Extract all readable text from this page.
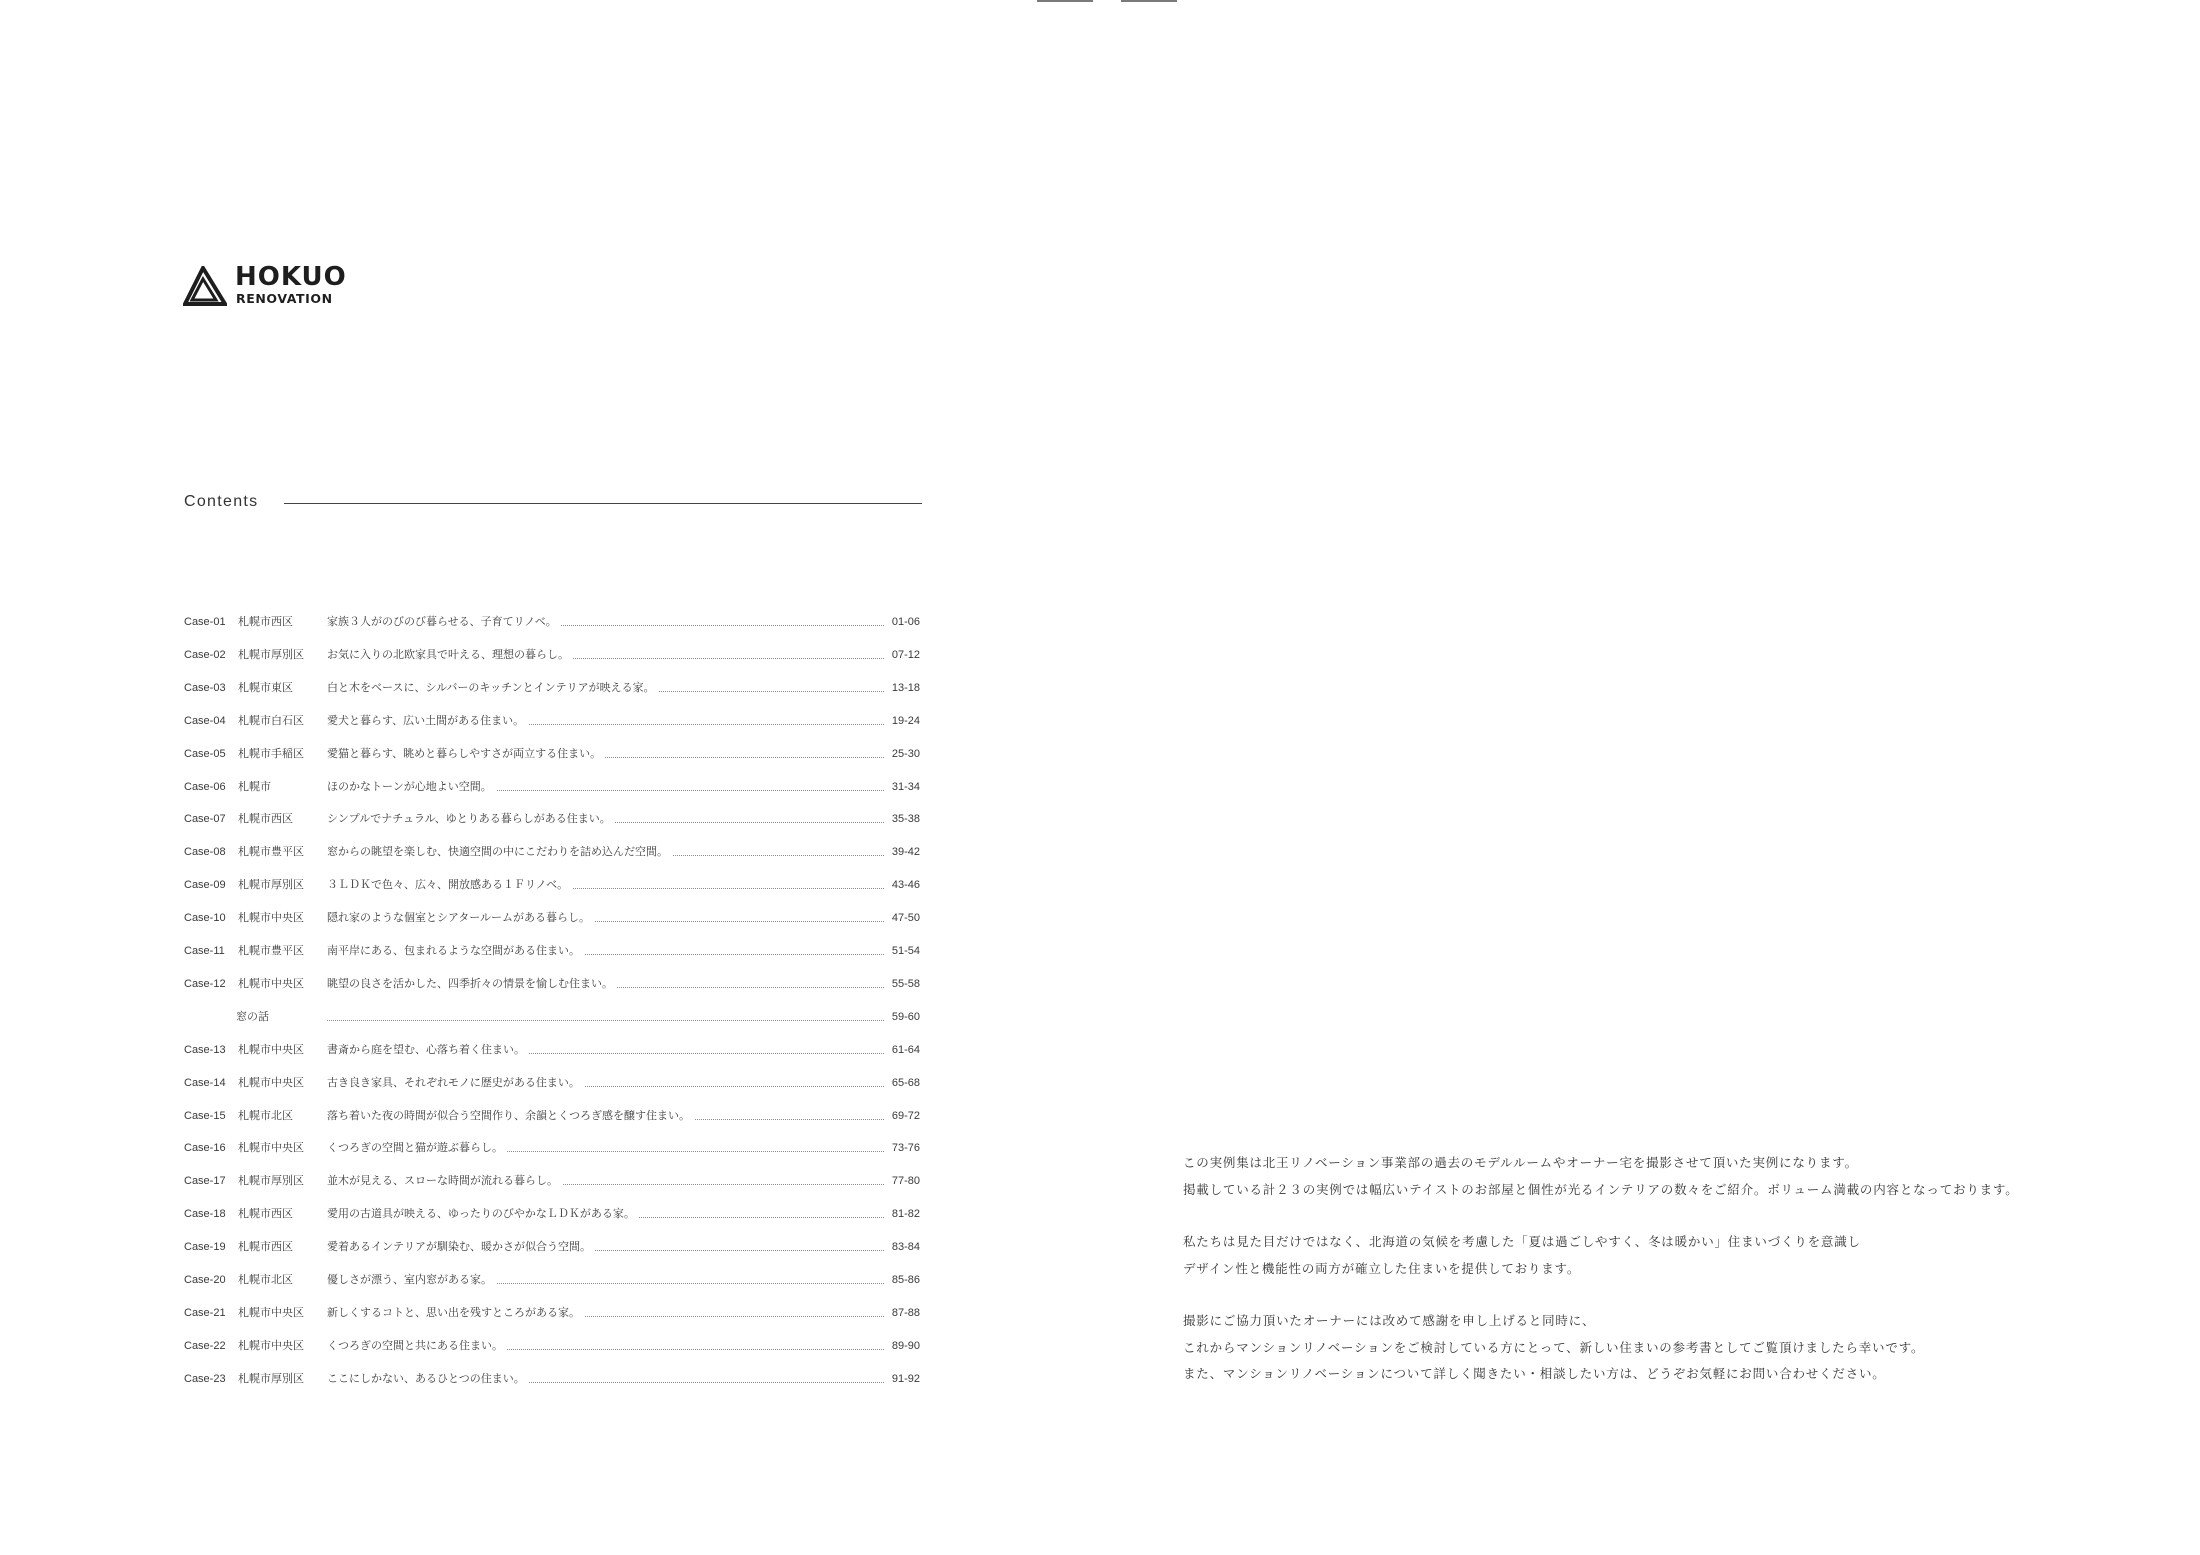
HOKUO
RENOVATION
Contents
Case-01 札幌市西区	家族３人がのびのび暮らせる、子育てリノベ。	01-06
Case-02 札幌市厚別区 お気に入りの北欧家具で叶える、理想の暮らし。	07-12
Case-03 札幌市東区	白と木をベースに、シルバーのキッチンとインテリアが映える家。	13-18
Case-04 札幌市白石区 愛犬と暮らす、広い土間がある住まい。	19-24
Case-05 札幌市手稲区 愛猫と暮らす、眺めと暮らしやすさが両立する住まい。	25-30
Case-06 札幌市	ほのかなトーンが心地よい空間。	31-34
Case-07 札幌市西区	シンプルでナチュラル、ゆとりある暮らしがある住まい。	35-38
Case-08 札幌市豊平区 窓からの眺望を楽しむ、快適空間の中にこだわりを詰め込んだ空間。	39-42
Case-09 札幌市厚別区 ３ＬＤＫで色々、広々、開放感ある１Ｆリノベ。	43-46
Case-10 札幌市中央区 隠れ家のような個室とシアタールームがある暮らし。	47-50
Case-11 札幌市豊平区 南平岸にある、包まれるような空間がある住まい。	51-54
Case-12 札幌市中央区 眺望の良さを活かした、四季折々の情景を愉しむ住まい。	55-58
窓の話	59-60
Case-13 札幌市中央区 書斎から庭を望む、心落ち着く住まい。	61-64
Case-14 札幌市中央区 古き良き家具、それぞれモノに歴史がある住まい。	65-68
Case-15 札幌市北区	落ち着いた夜の時間が似合う空間作り、余韻とくつろぎ感を醸す住まい。	69-72
Case-16 札幌市中央区 くつろぎの空間と猫が遊ぶ暮らし。	73-76
Case-17 札幌市厚別区 並木が見える、スローな時間が流れる暮らし。	77-80
Case-18 札幌市西区	愛用の古道具が映える、ゆったりのびやかなＬＤＫがある家。	81-82
Case-19 札幌市西区	愛着あるインテリアが馴染む、暖かさが似合う空間。	83-84
Case-20 札幌市北区	優しさが漂う、室内窓がある家。	85-86
Case-21 札幌市中央区 新しくするコトと、思い出を残すところがある家。	87-88
Case-22 札幌市中央区 くつろぎの空間と共にある住まい。	89-90
Case-23 札幌市厚別区 ここにしかない、あるひとつの住まい。	91-92

この実例集は北王リノベーション事業部の過去のモデルルームやオーナー宅を撮影させて頂いた実例になります。

掲載している計２３の実例では幅広いテイストのお部屋と個性が光るインテリアの数々をご紹介。ボリューム満載の内容となっております。

私たちは見た目だけではなく、北海道の気候を考慮した「夏は過ごしやすく、冬は暖かい」住まいづくりを意識し

デザイン性と機能性の両方が確立した住まいを提供しております。

撮影にご協力頂いたオーナーには改めて感謝を申し上げると同時に、

これからマンションリノベーションをご検討している方にとって、新しい住まいの参考書としてご覧頂けましたら幸いです。

また、マンションリノベーションについて詳しく聞きたい・相談したい方は、どうぞお気軽にお問い合わせください。
